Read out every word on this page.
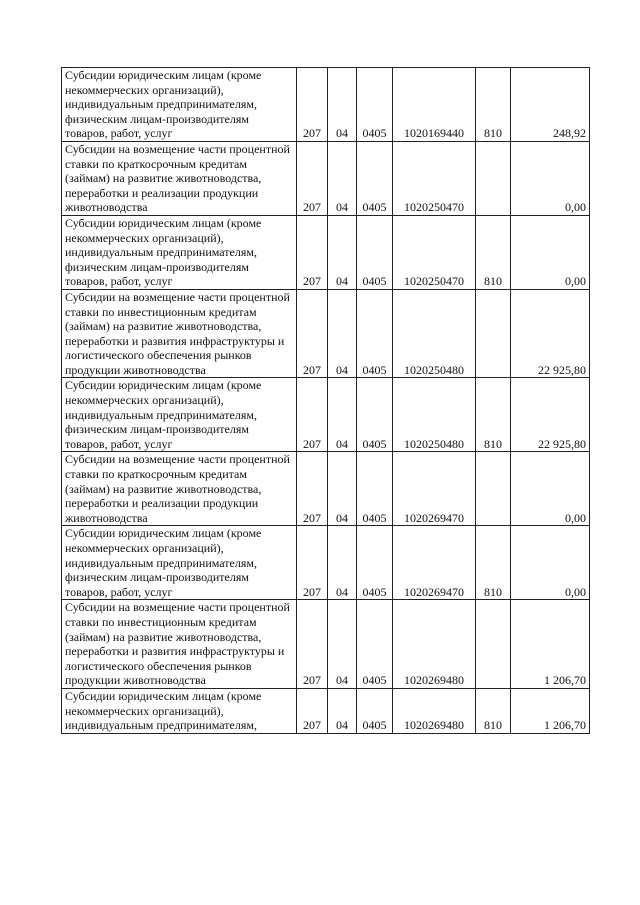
Субсидии юридическим лицам (кроме некоммерческих организаций), индивидуальным предпринимателям, физическим лицам-производителям товаров, работ, услуг	207	04	0405	1020169440	810	248,92
Субсидии на возмещение части процентной ставки по краткосрочным кредитам (займам) на развитие животноводства, переработки и реализации продукции животноводства	207	04	0405	1020250470		0,00
Субсидии юридическим лицам (кроме некоммерческих организаций), индивидуальным предпринимателям, физическим лицам-производителям товаров, работ, услуг	207	04	0405	1020250470	810	0,00
Субсидии на возмещение части процентной ставки по инвестиционным кредитам (займам) на развитие животноводства, переработки и развития инфраструктуры и логистического обеспечения рынков продукции животноводства	207	04	0405	1020250480		22 925,80
Субсидии юридическим лицам (кроме некоммерческих организаций), индивидуальным предпринимателям, физическим лицам-производителям товаров, работ, услуг	207	04	0405	1020250480	810	22 925,80
Субсидии на возмещение части процентной ставки по краткосрочным кредитам (займам) на развитие животноводства, переработки и реализации продукции животноводства	207	04	0405	1020269470		0,00
Субсидии юридическим лицам (кроме некоммерческих организаций), индивидуальным предпринимателям, физическим лицам-производителям товаров, работ, услуг	207	04	0405	1020269470	810	0,00
Субсидии на возмещение части процентной ставки по инвестиционным кредитам (займам) на развитие животноводства, переработки и развития инфраструктуры и логистического обеспечения рынков продукции животноводства	207	04	0405	1020269480		1 206,70
Субсидии юридическим лицам (кроме некоммерческих организаций), индивидуальным предпринимателям,	207	04	0405	1020269480	810	1 206,70
